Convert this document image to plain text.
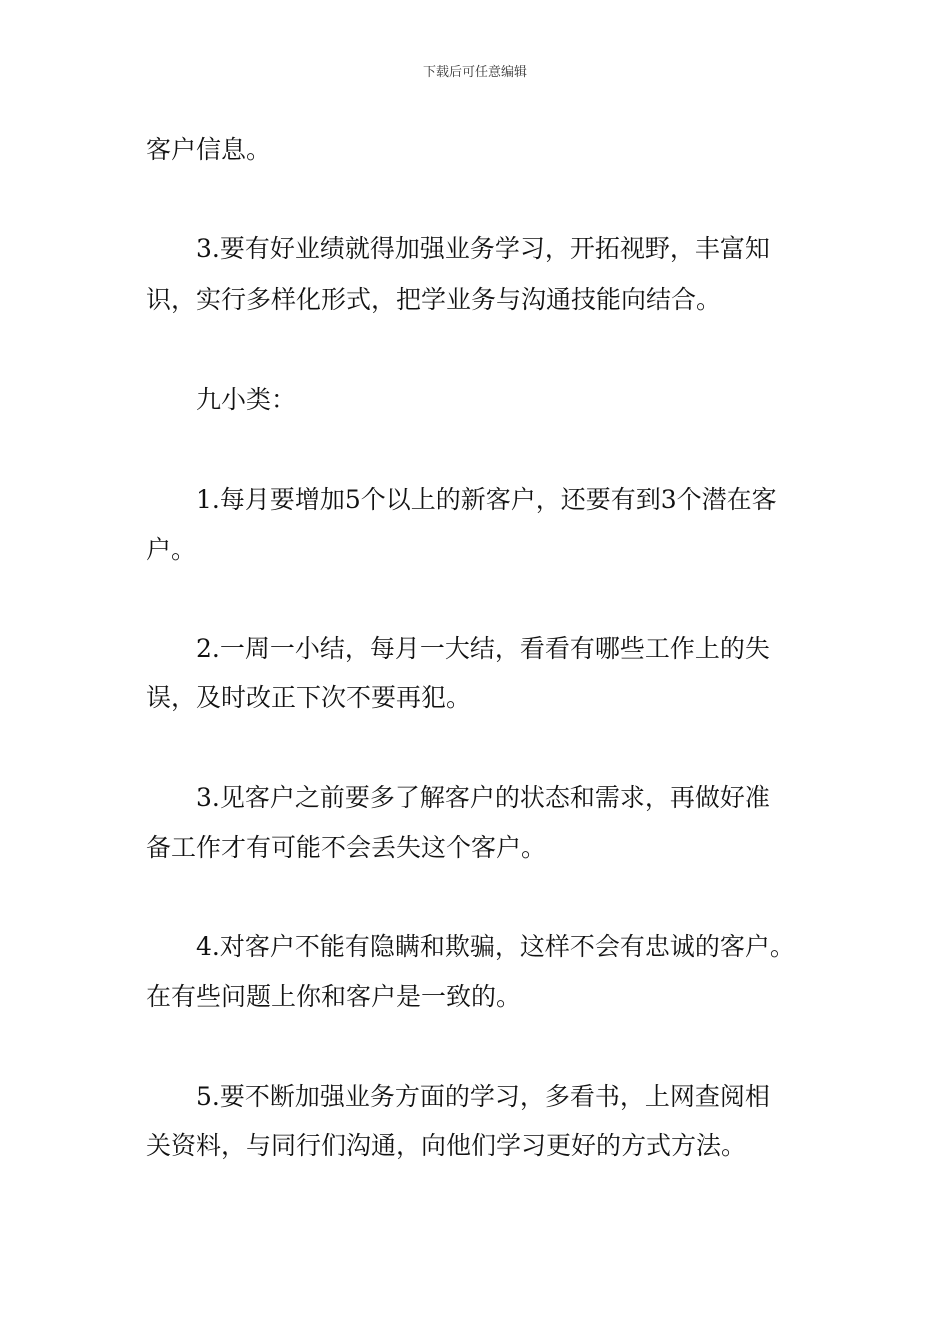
下载后可任意编辑
客户信息。
3.要有好业绩就得加强业务学习，开拓视野，丰富知
识，实行多样化形式，把学业务与沟通技能向结合。
九小类：
1.每月要增加5个以上的新客户，还要有到3个潜在客
户。
2.一周一小结，每月一大结，看看有哪些工作上的失
误，及时改正下次不要再犯。
3.见客户之前要多了解客户的状态和需求，再做好准
备工作才有可能不会丢失这个客户。
4.对客户不能有隐瞒和欺骗，这样不会有忠诚的客户。
在有些问题上你和客户是一致的。
5.要不断加强业务方面的学习，多看书，上网查阅相
关资料，与同行们沟通，向他们学习更好的方式方法。
